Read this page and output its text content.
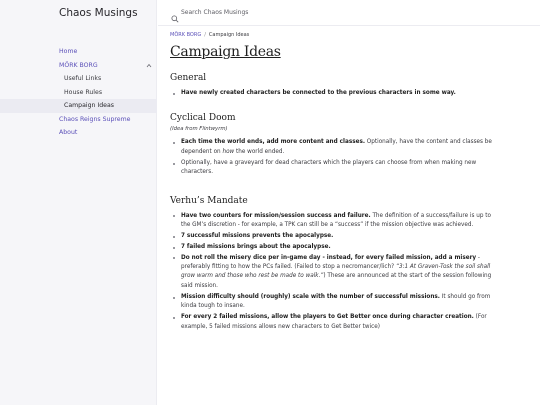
Chaos Musings
Home
MÖRK BORG
Useful Links
House Rules
Campaign Ideas
Chaos Reigns Supreme
About
Search Chaos Musings
MÖRK BORG / Campaign Ideas
Campaign Ideas
General
Have newly created characters be connected to the previous characters in some way.
Cyclical Doom
(Idea from Flintwyrm)
Each time the world ends, add more content and classes. Optionally, have the content and classes be dependent on how the world ended.
Optionally, have a graveyard for dead characters which the players can choose from when making new characters.
Verhu’s Mandate
Have two counters for mission/session success and failure. The definition of a success/failure is up to the GM’s discretion - for example, a TPK can still be a “success” if the mission objective was achieved.
7 successful missions prevents the apocalypse.
7 failed missions brings about the apocalypse.
Do not roll the misery dice per in-game day - instead, for every failed mission, add a misery - preferably fitting to how the PCs failed. (Failed to stop a necromancer/lich? “3:1 At Graven-Tosk the soil shall grow warm and those who rest be made to walk.”) These are announced at the start of the session following said mission.
Mission difficulty should (roughly) scale with the number of successful missions. It should go from kinda tough to insane.
For every 2 failed missions, allow the players to Get Better once during character creation. (For example, 5 failed missions allows new characters to Get Better twice)
